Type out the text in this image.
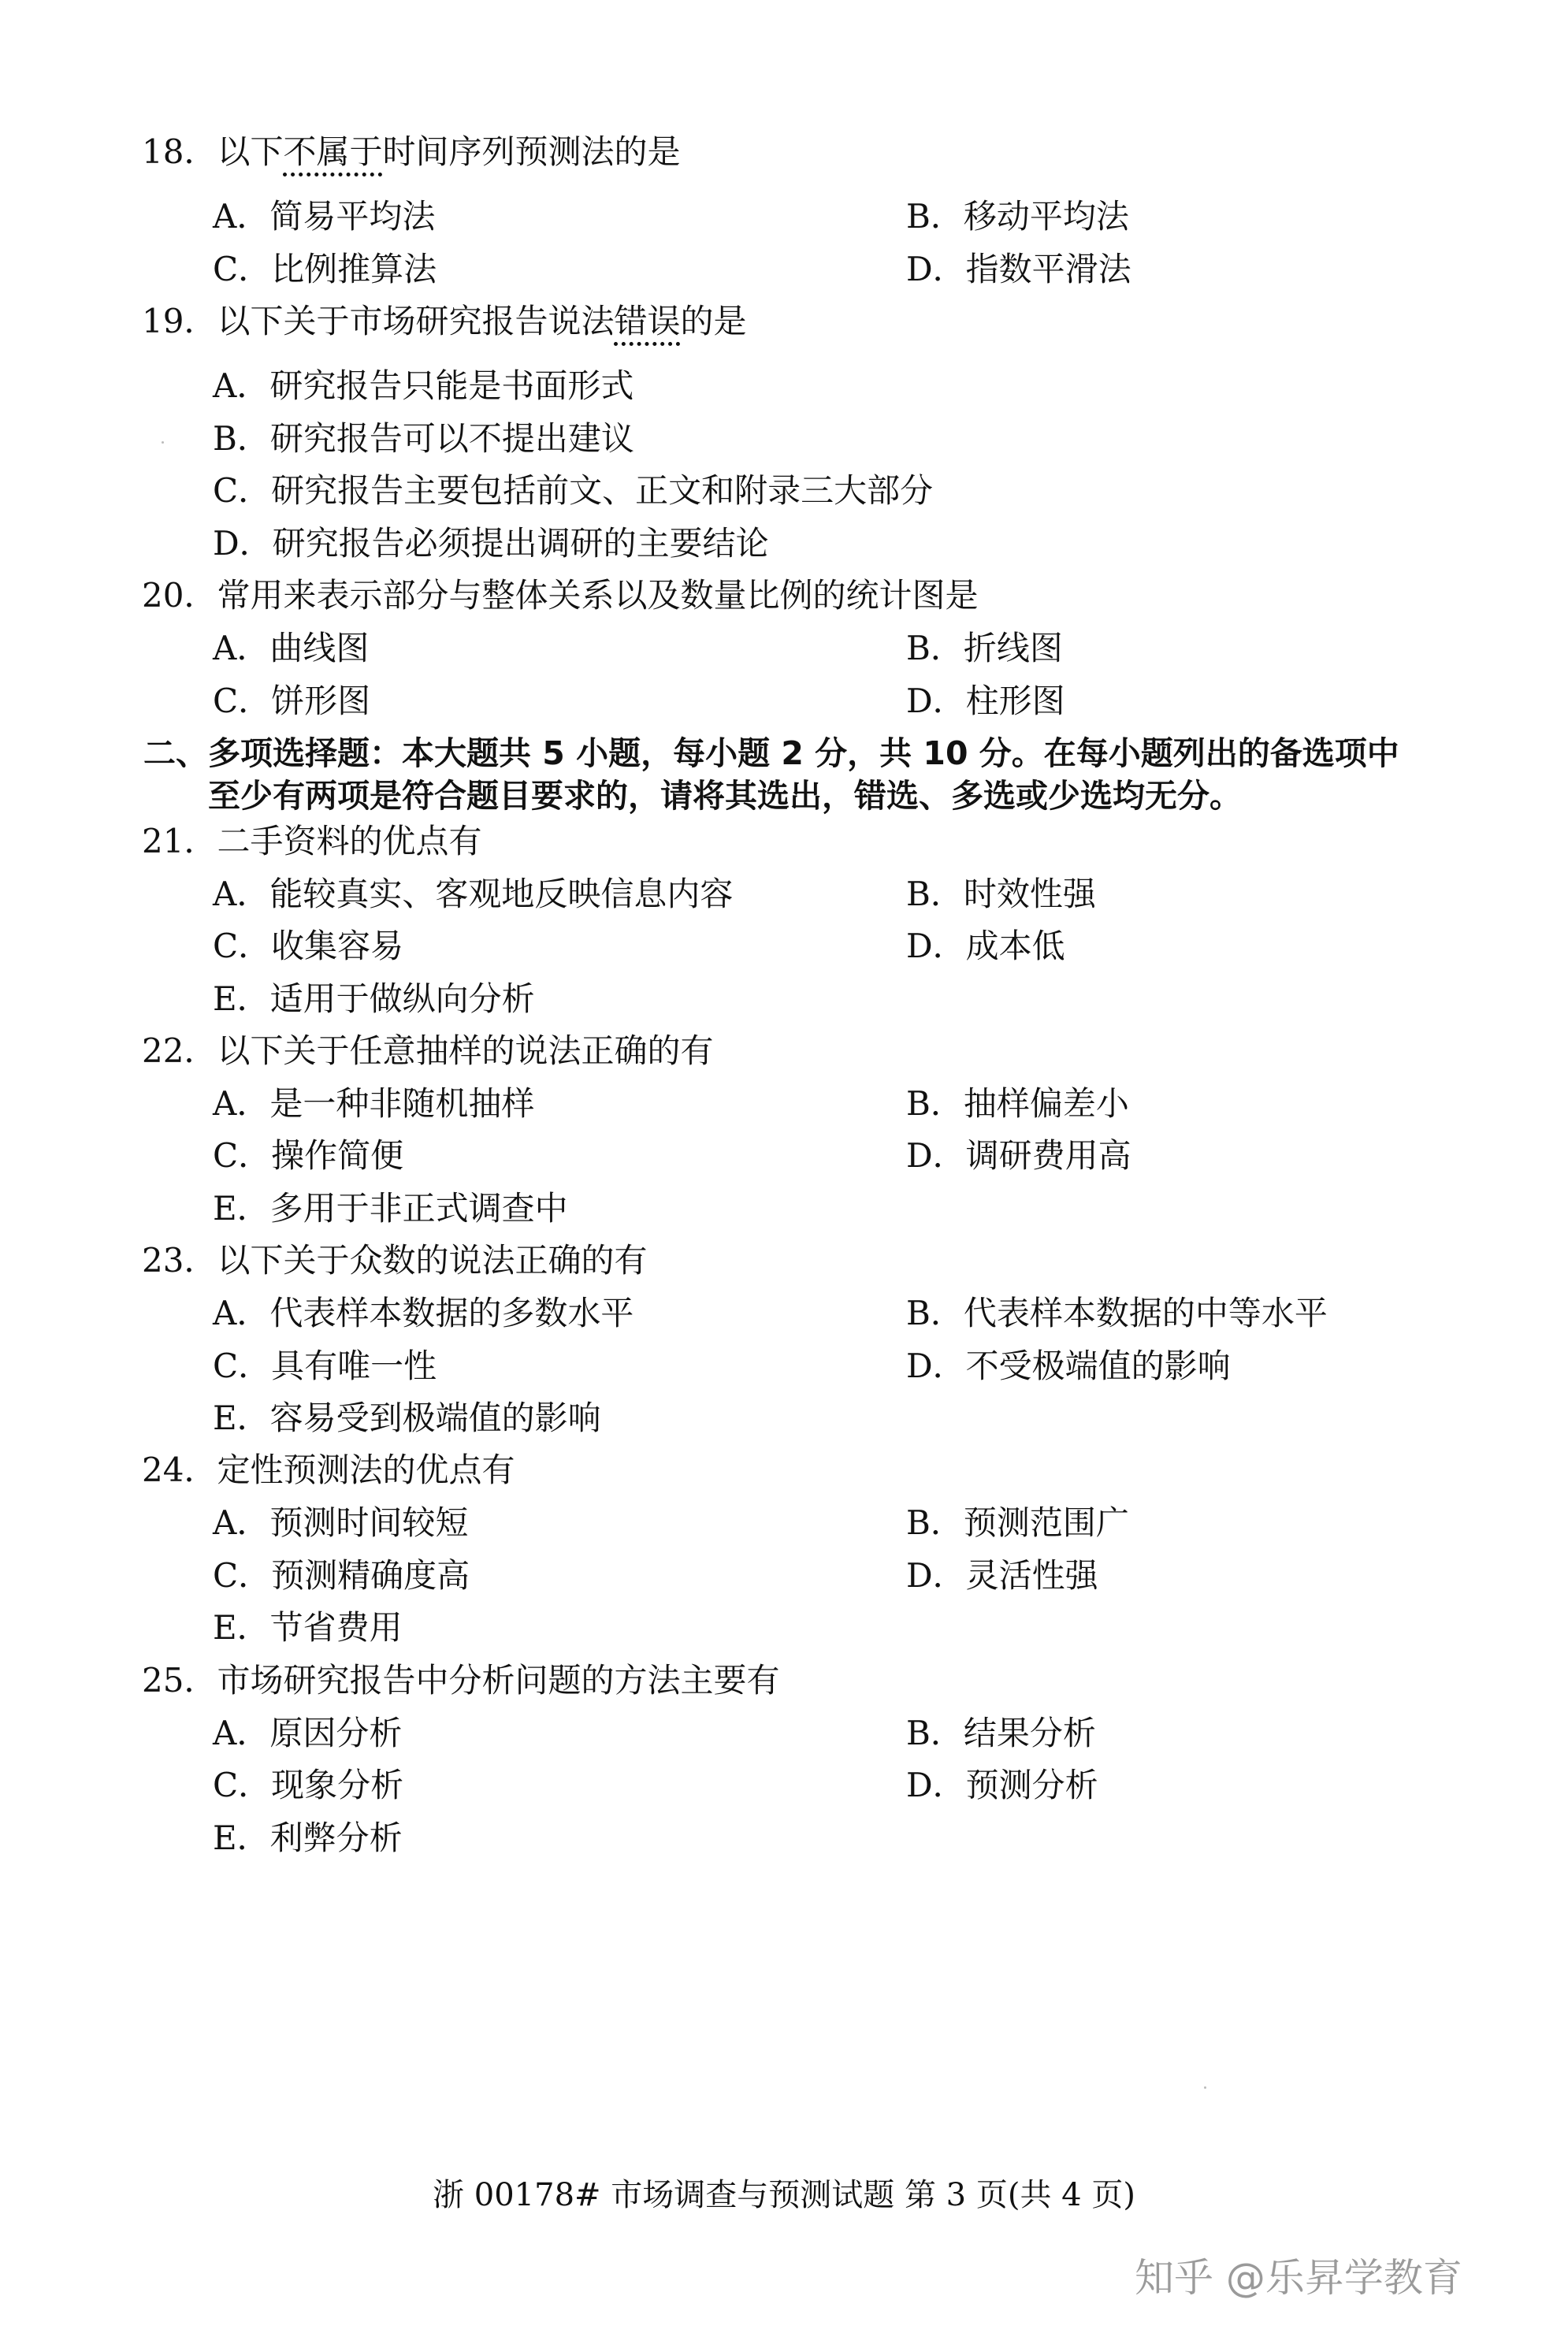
18．以下不属于时间序列预测法的是
A．简易平均法	B．移动平均法
C．比例推算法	D．指数平滑法
19．以下关于市场研究报告说法错误的是
A．研究报告只能是书面形式
B．研究报告可以不提出建议
C．研究报告主要包括前文、正文和附录三大部分
D．研究报告必须提出调研的主要结论
20．常用来表示部分与整体关系以及数量比例的统计图是
A．曲线图	B．折线图
C．饼形图	D．柱形图
二、多项选择题：本大题共 5 小题，每小题 2 分，共 10 分。在每小题列出的备选项中
至少有两项是符合题目要求的，请将其选出，错选、多选或少选均无分。
21．二手资料的优点有
A．能较真实、客观地反映信息内容	B．时效性强
C．收集容易	D．成本低
E．适用于做纵向分析
22．以下关于任意抽样的说法正确的有
A．是一种非随机抽样	B．抽样偏差小
C．操作简便	D．调研费用高
E．多用于非正式调查中
23．以下关于众数的说法正确的有
A．代表样本数据的多数水平	B．代表样本数据的中等水平
C．具有唯一性	D．不受极端值的影响
E．容易受到极端值的影响
24．定性预测法的优点有
A．预测时间较短	B．预测范围广
C．预测精确度高	D．灵活性强
E．节省费用
25．市场研究报告中分析问题的方法主要有
A．原因分析	B．结果分析
C．现象分析	D．预测分析
E．利弊分析
浙 00178# 市场调查与预测试题 第 3 页(共 4 页)
知乎 @乐昇学教育
